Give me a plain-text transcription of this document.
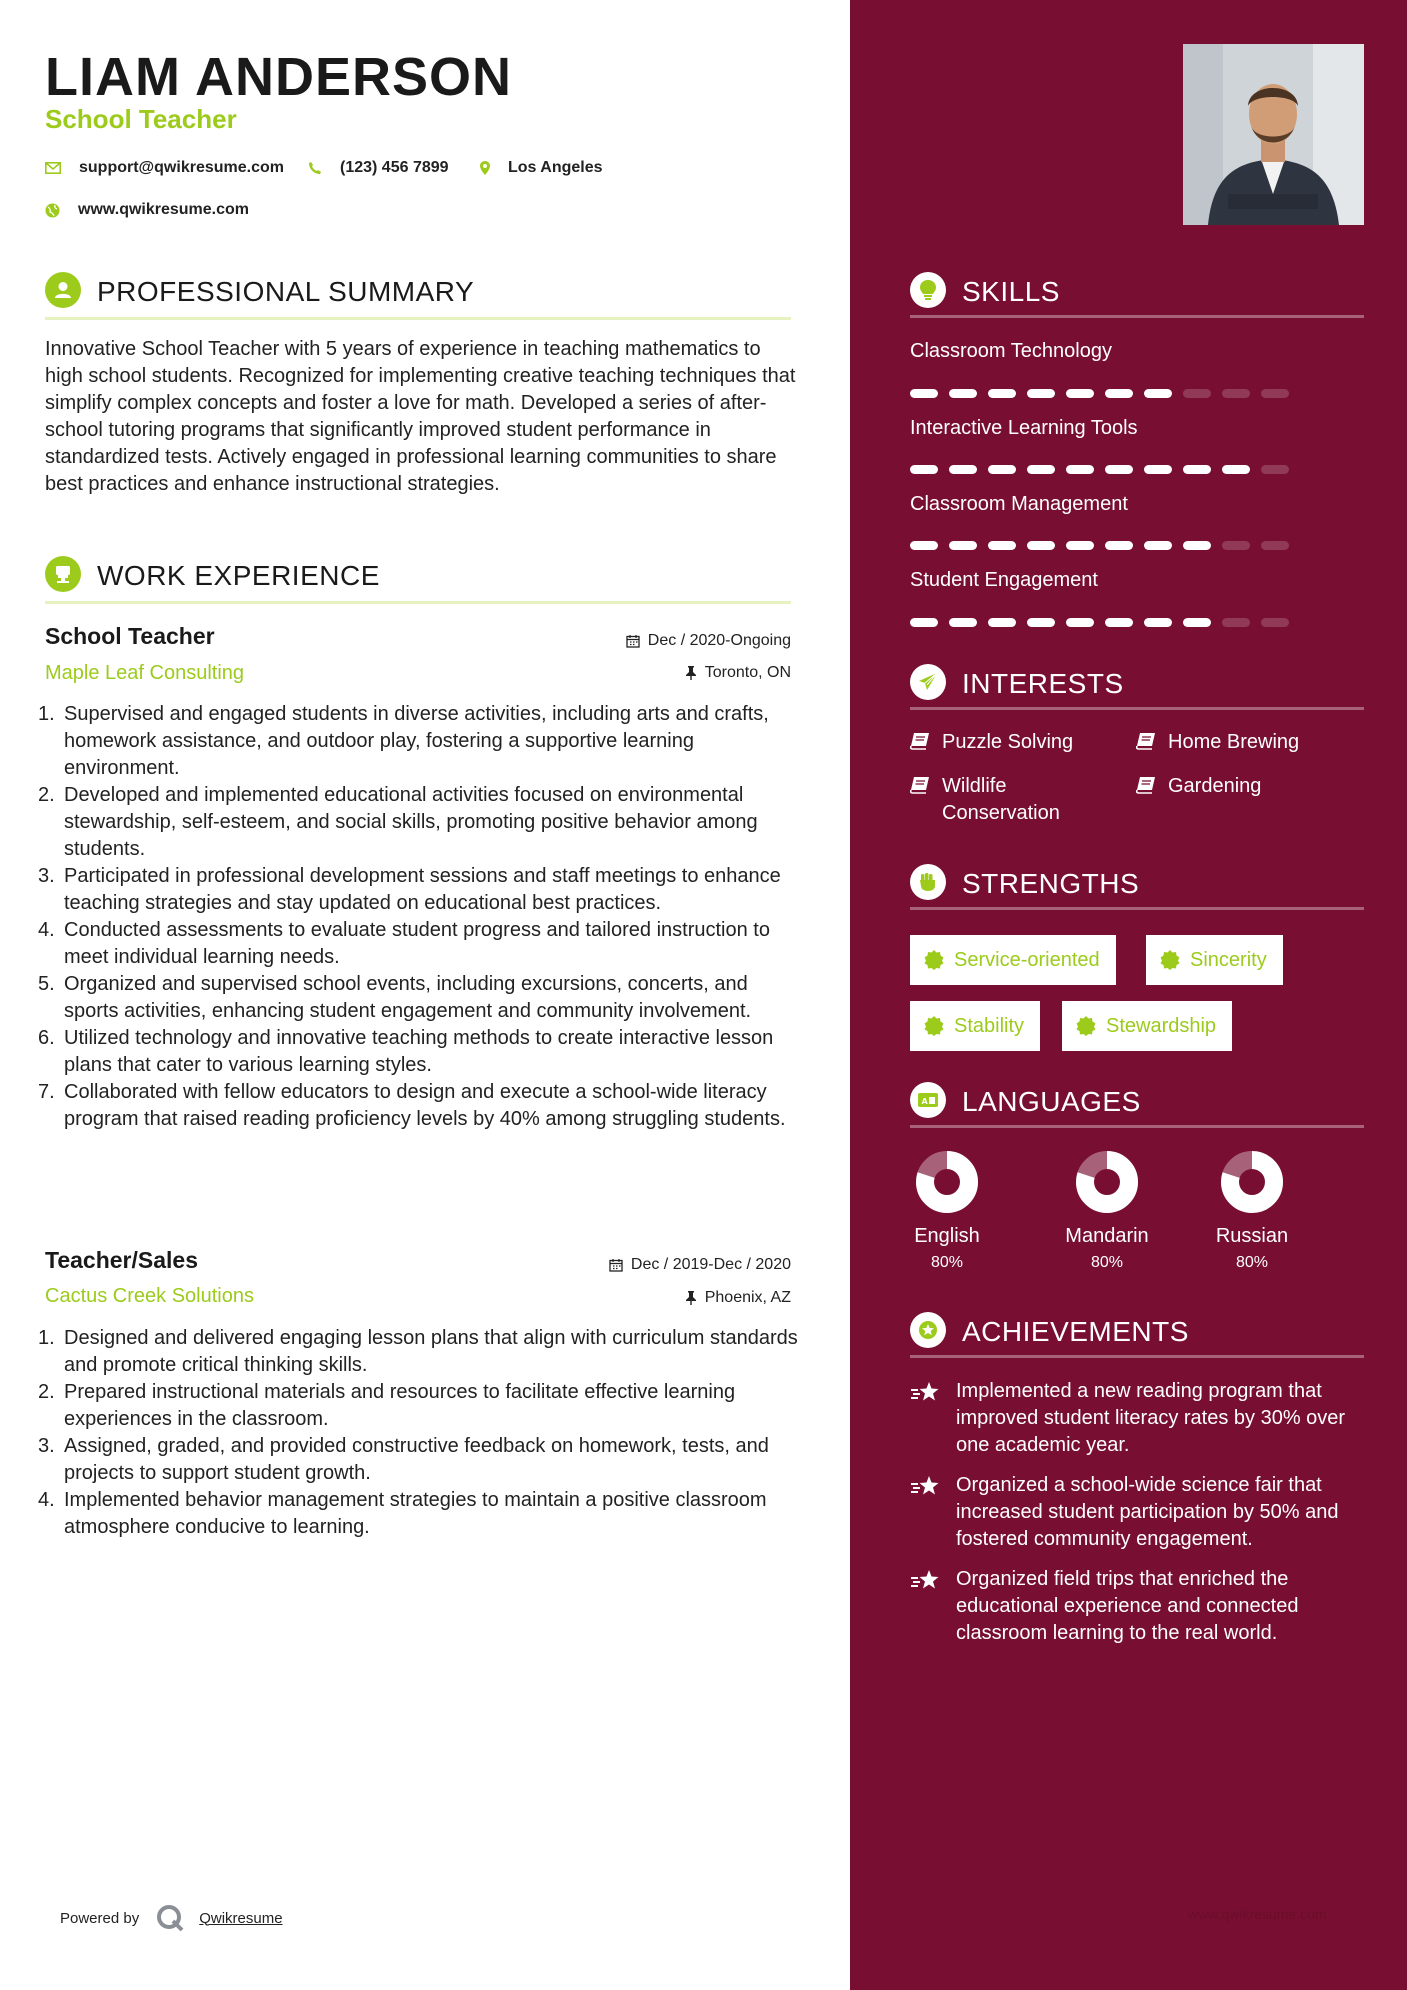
LIAM ANDERSON
School Teacher
support@qwikresume.com	(123) 456 7899	Los Angeles
www.qwikresume.com
PROFESSIONAL SUMMARY
Innovative School Teacher with 5 years of experience in teaching mathematics to high school students. Recognized for implementing creative teaching techniques that simplify complex concepts and foster a love for math. Developed a series of after-school tutoring programs that significantly improved student performance in standardized tests. Actively engaged in professional learning communities to share best practices and enhance instructional strategies.
WORK EXPERIENCE
School Teacher	Dec / 2020-Ongoing
Maple Leaf Consulting	Toronto, ON
1. Supervised and engaged students in diverse activities, including arts and crafts, homework assistance, and outdoor play, fostering a supportive learning environment.
2. Developed and implemented educational activities focused on environmental stewardship, self-esteem, and social skills, promoting positive behavior among students.
3. Participated in professional development sessions and staff meetings to enhance teaching strategies and stay updated on educational best practices.
4. Conducted assessments to evaluate student progress and tailored instruction to meet individual learning needs.
5. Organized and supervised school events, including excursions, concerts, and sports activities, enhancing student engagement and community involvement.
6. Utilized technology and innovative teaching methods to create interactive lesson plans that cater to various learning styles.
7. Collaborated with fellow educators to design and execute a school-wide literacy program that raised reading proficiency levels by 40% among struggling students.
Teacher/Sales	Dec / 2019-Dec / 2020
Cactus Creek Solutions	Phoenix, AZ
1. Designed and delivered engaging lesson plans that align with curriculum standards and promote critical thinking skills.
2. Prepared instructional materials and resources to facilitate effective learning experiences in the classroom.
3. Assigned, graded, and provided constructive feedback on homework, tests, and projects to support student growth.
4. Implemented behavior management strategies to maintain a positive classroom atmosphere conducive to learning.
Powered by	Qwikresume
SKILLS
Classroom Technology
Interactive Learning Tools
Classroom Management
Student Engagement
INTERESTS
Puzzle Solving	Home Brewing
Wildlife Conservation
Gardening
STRENGTHS
Service-oriented	Sincerity
Stability	Stewardship
A LANGUAGES
English
80%
Mandarin
80%
Russian
80%
ACHIEVEMENTS
Implemented a new reading program that improved student literacy rates by 30% over one academic year.
Organized a school-wide science fair that increased student participation by 50% and fostered community engagement.
Organized field trips that enriched the educational experience and connected classroom learning to the real world.
www.qwikresume.com
